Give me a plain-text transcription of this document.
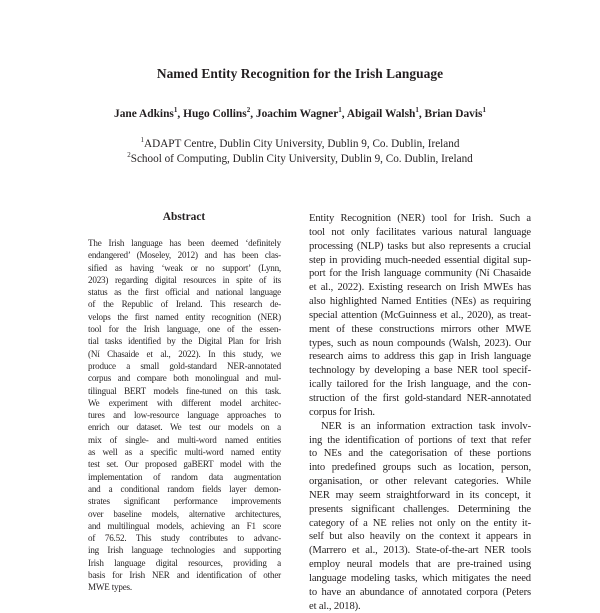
Named Entity Recognition for the Irish Language
Jane Adkins$^1$, Hugo Collins$^2$, Joachim Wagner$^1$, Abigail Walsh$^1$, Brian Davis$^1$
$^1$ADAPT Centre, Dublin City University, Dublin 9, Co. Dublin, Ireland
$^2$School of Computing, Dublin City University, Dublin 9, Co. Dublin, Ireland
Abstract
The Irish language has been deemed ‘definitely
endangered’ (Moseley, 2012) and has been clas-
sified as having ‘weak or no support’ (Lynn,
2023) regarding digital resources in spite of its
status as the first official and national language
of the Republic of Ireland. This research de-
velops the first named entity recognition (NER)
tool for the Irish language, one of the essen-
tial tasks identified by the Digital Plan for Irish
(Ní Chasaide et al., 2022). In this study, we
produce a small gold-standard NER-annotated
corpus and compare both monolingual and mul-
tilingual BERT models fine-tuned on this task.
We experiment with different model architec-
tures and low-resource language approaches to
enrich our dataset. We test our models on a
mix of single- and multi-word named entities
as well as a specific multi-word named entity
test set. Our proposed gaBERT model with the
implementation of random data augmentation
and a conditional random fields layer demon-
strates significant performance improvements
over baseline models, alternative architectures,
and multilingual models, achieving an F1 score
of 76.52. This study contributes to advanc-
ing Irish language technologies and supporting
Irish language digital resources, providing a
basis for Irish NER and identification of other
MWE types.
Entity Recognition (NER) tool for Irish. Such a
tool not only facilitates various natural language
processing (NLP) tasks but also represents a crucial
step in providing much-needed essential digital sup-
port for the Irish language community (Ní Chasaide
et al., 2022). Existing research on Irish MWEs has
also highlighted Named Entities (NEs) as requiring
special attention (McGuinness et al., 2020), as treat-
ment of these constructions mirrors other MWE
types, such as noun compounds (Walsh, 2023). Our
research aims to address this gap in Irish language
technology by developing a base NER tool specif-
ically tailored for the Irish language, and the con-
struction of the first gold-standard NER-annotated
corpus for Irish.
NER is an information extraction task involv-
ing the identification of portions of text that refer
to NEs and the categorisation of these portions
into predefined groups such as location, person,
organisation, or other relevant categories. While
NER may seem straightforward in its concept, it
presents significant challenges. Determining the
category of a NE relies not only on the entity it-
self but also heavily on the context it appears in
(Marrero et al., 2013). State-of-the-art NER tools
employ neural models that are pre-trained using
language modeling tasks, which mitigates the need
to have an abundance of annotated corpora (Peters
et al., 2018).
